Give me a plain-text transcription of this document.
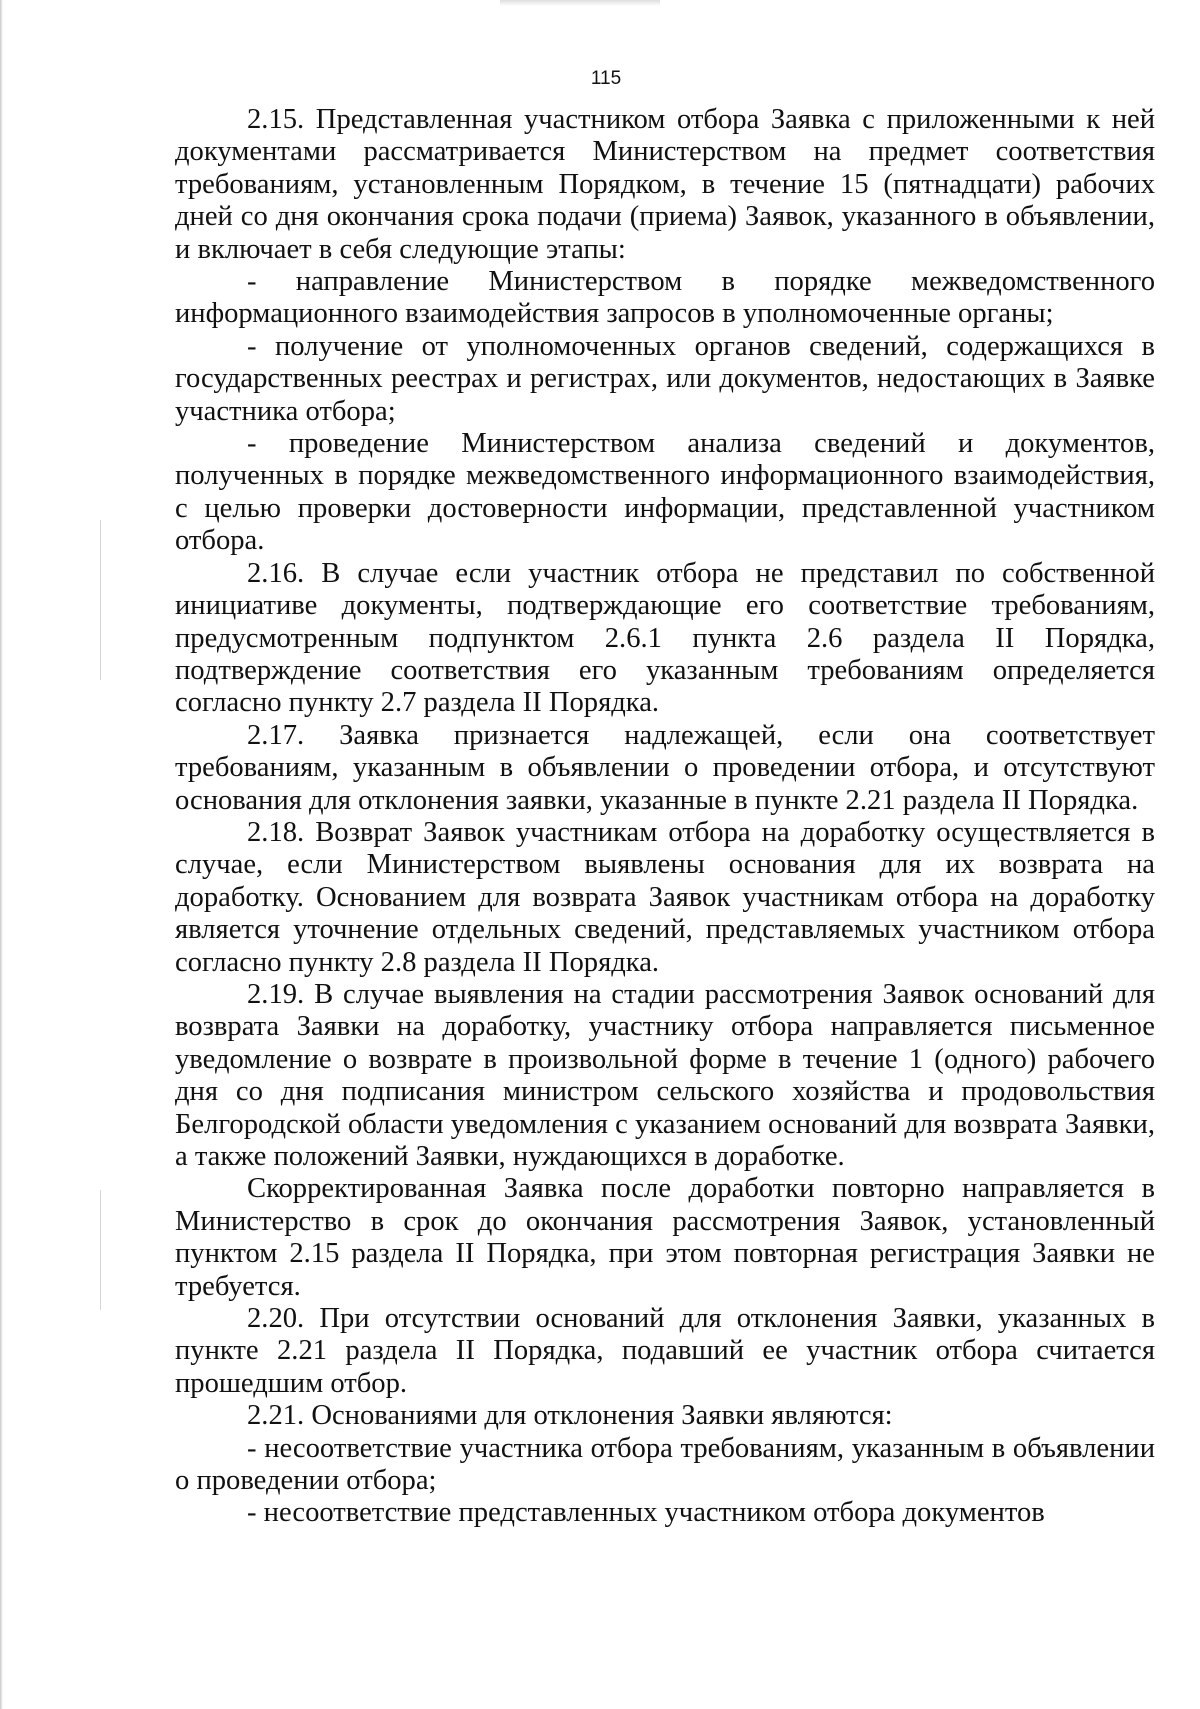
115

2.15. Представленная участником отбора Заявка с приложенными к ней документами рассматривается Министерством на предмет соответствия требованиям, установленным Порядком, в течение 15 (пятнадцати) рабочих дней со дня окончания срока подачи (приема) Заявок, указанного в объявлении, и включает в себя следующие этапы:

- направление Министерством в порядке межведомственного информационного взаимодействия запросов в уполномоченные органы;

- получение от уполномоченных органов сведений, содержащихся в государственных реестрах и регистрах, или документов, недостающих в Заявке участника отбора;

- проведение Министерством анализа сведений и документов, полученных в порядке межведомственного информационного взаимодействия, с целью проверки достоверности информации, представленной участником отбора.

2.16. В случае если участник отбора не представил по собственной инициативе документы, подтверждающие его соответствие требованиям, предусмотренным подпунктом 2.6.1 пункта 2.6 раздела II Порядка, подтверждение соответствия его указанным требованиям определяется согласно пункту 2.7 раздела II Порядка.

2.17. Заявка признается надлежащей, если она соответствует требованиям, указанным в объявлении о проведении отбора, и отсутствуют основания для отклонения заявки, указанные в пункте 2.21 раздела II Порядка.

2.18. Возврат Заявок участникам отбора на доработку осуществляется в случае, если Министерством выявлены основания для их возврата на доработку. Основанием для возврата Заявок участникам отбора на доработку является уточнение отдельных сведений, представляемых участником отбора согласно пункту 2.8 раздела II Порядка.

2.19. В случае выявления на стадии рассмотрения Заявок оснований для возврата Заявки на доработку, участнику отбора направляется письменное уведомление о возврате в произвольной форме в течение 1 (одного) рабочего дня со дня подписания министром сельского хозяйства и продовольствия Белгородской области уведомления с указанием оснований для возврата Заявки, а также положений Заявки, нуждающихся в доработке.

Скорректированная Заявка после доработки повторно направляется в Министерство в срок до окончания рассмотрения Заявок, установленный пунктом 2.15 раздела II Порядка, при этом повторная регистрация Заявки не требуется.

2.20. При отсутствии оснований для отклонения Заявки, указанных в пункте 2.21 раздела II Порядка, подавший ее участник отбора считается прошедшим отбор.

2.21. Основаниями для отклонения Заявки являются:

- несоответствие участника отбора требованиям, указанным в объявлении о проведении отбора;

- несоответствие представленных участником отбора документов
